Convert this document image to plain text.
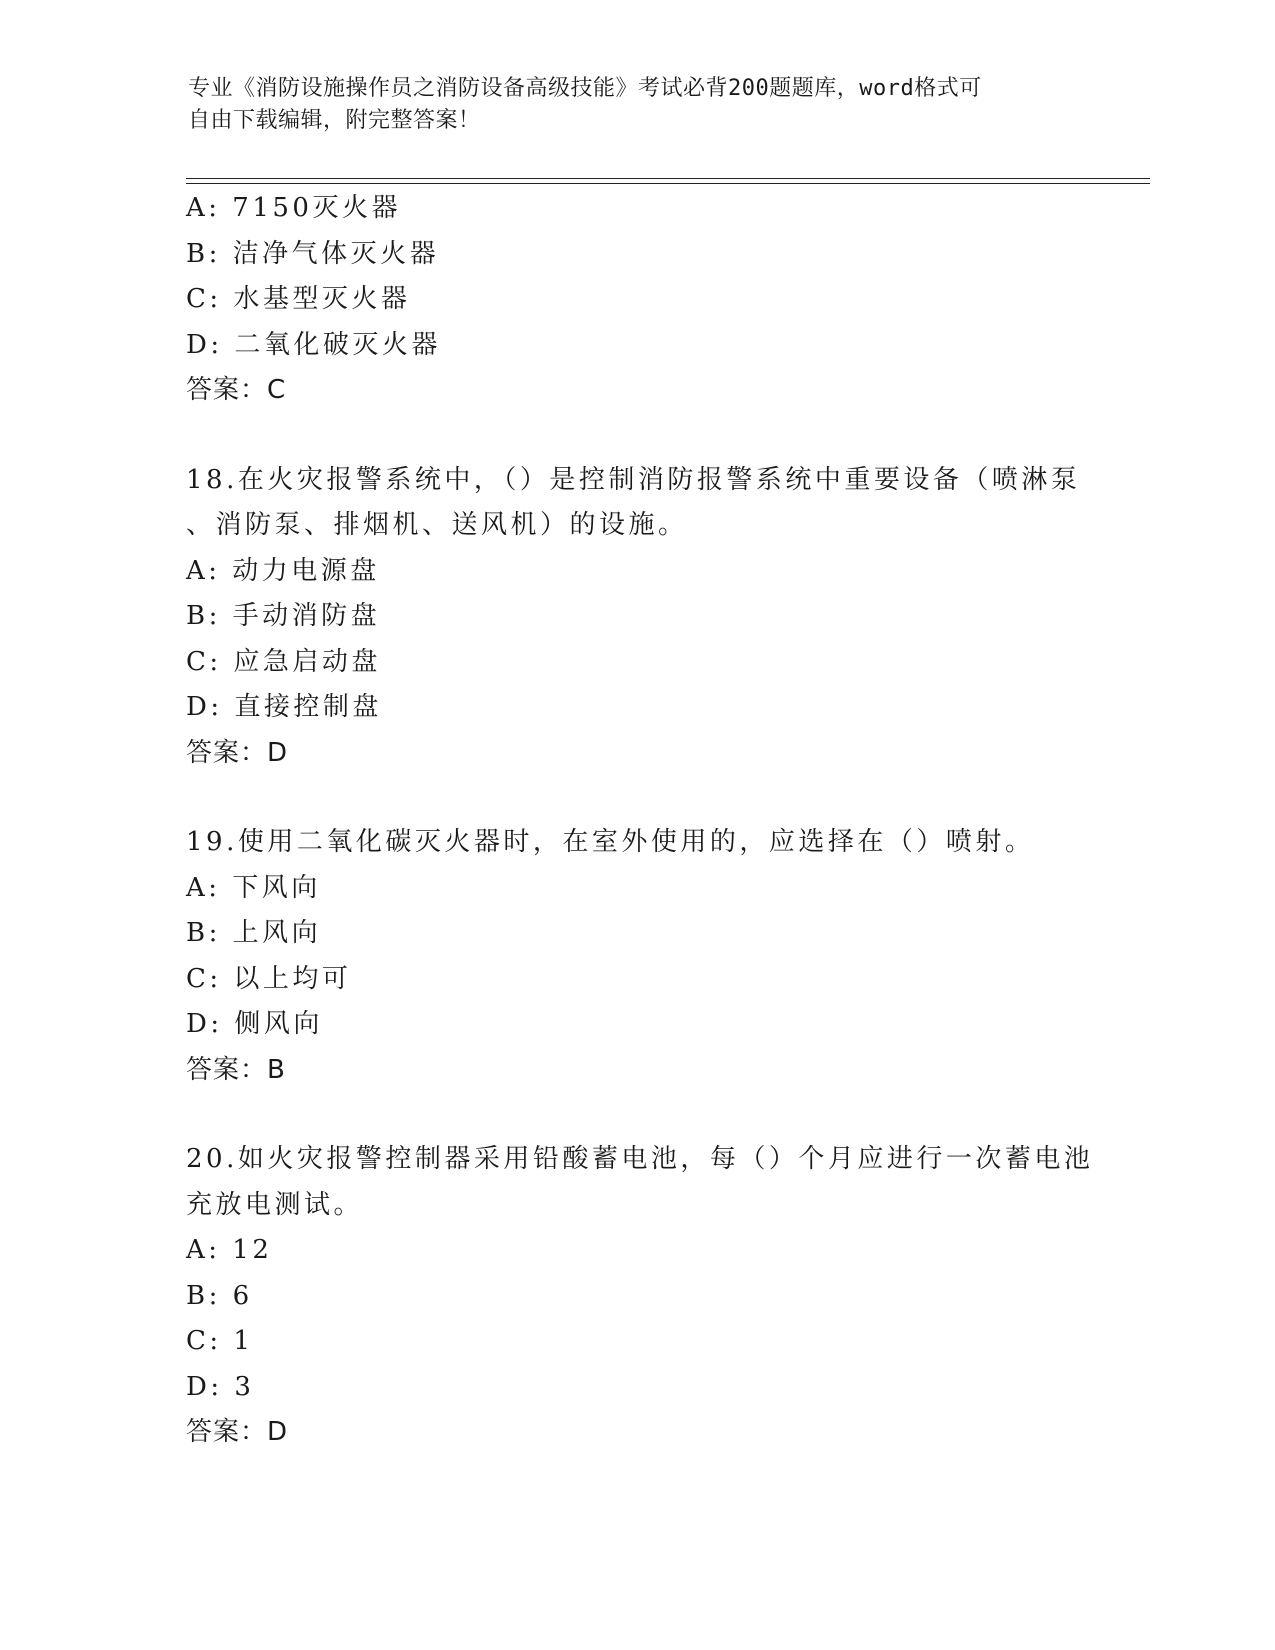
专业《消防设施操作员之消防设备高级技能》考试必背200题题库，word格式可
自由下载编辑，附完整答案！
A: 7150灭火器
B: 洁净气体灭火器
C: 水基型灭火器
D: 二氧化破灭火器
答案：C
18.在火灾报警系统中，（）是控制消防报警系统中重要设备（喷淋泵
、消防泵、排烟机、送风机）的设施。
A: 动力电源盘
B: 手动消防盘
C: 应急启动盘
D: 直接控制盘
答案：D
19.使用二氧化碳灭火器时，在室外使用的，应选择在（）喷射。
A: 下风向
B: 上风向
C: 以上均可
D: 侧风向
答案：B
20.如火灾报警控制器采用铅酸蓄电池，每（）个月应进行一次蓄电池
充放电测试。
A: 12
B: 6
C: 1
D: 3
答案：D
